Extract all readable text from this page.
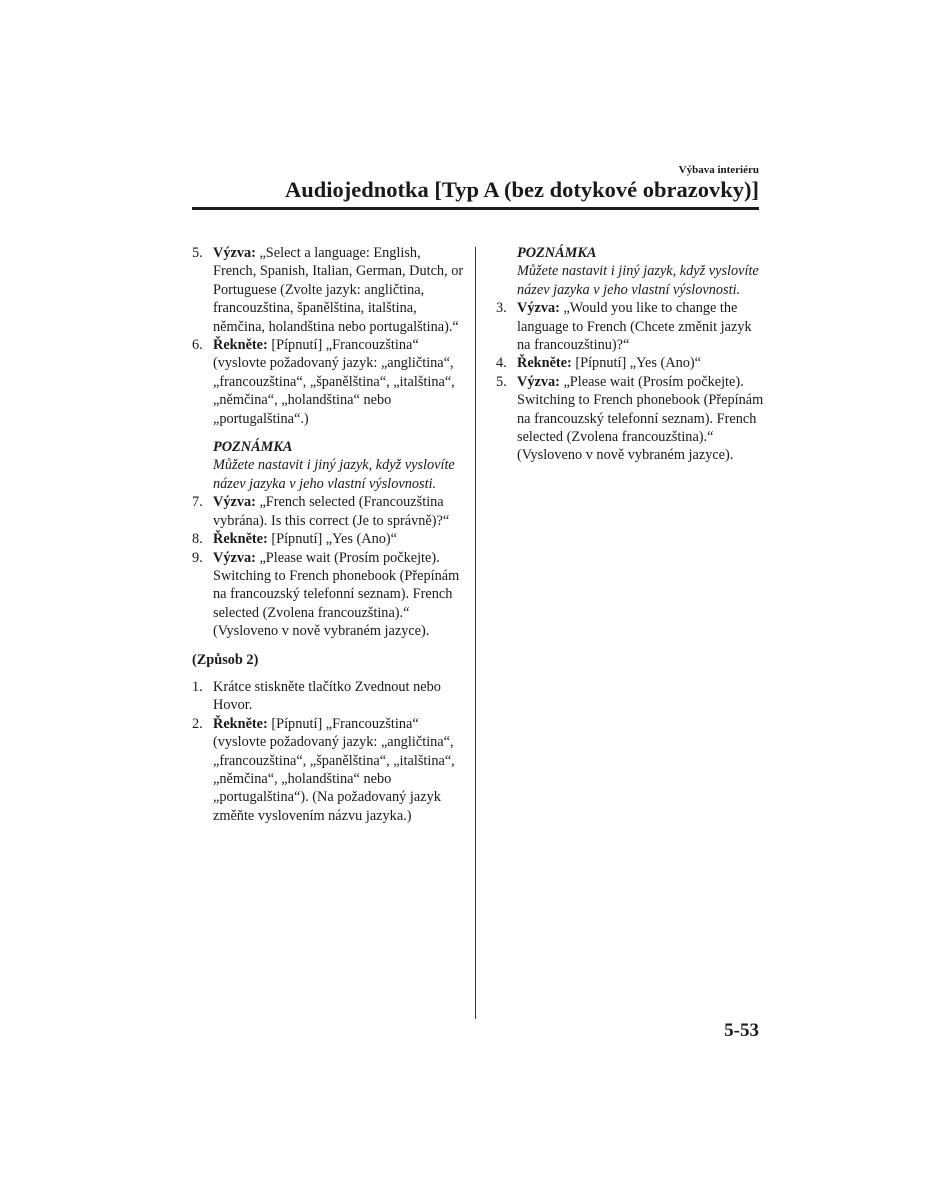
Výbava interiéru
Audiojednotka [Typ A (bez dotykové obrazovky)]
5. Výzva: „Select a language: English, French, Spanish, Italian, German, Dutch, or Portuguese (Zvolte jazyk: angličtina, francouzština, španělština, italština, němčina, holandština nebo portugalština).“
6. Řekněte: [Pípnutí] „Francouzština“ (vyslovte požadovaný jazyk: „angličtina“, „francouzština“, „španělština“, „italština“, „němčina“, „holandština“ nebo „portugalština“.)
POZNÁMKA
Můžete nastavit i jiný jazyk, když vyslovíte název jazyka v jeho vlastní výslovnosti.
7. Výzva: „French selected (Francouzština vybrána). Is this correct (Je to správně)?“
8. Řekněte: [Pípnutí] „Yes (Ano)“
9. Výzva: „Please wait (Prosím počkejte). Switching to French phonebook (Přepínám na francouzský telefonní seznam). French selected (Zvolena francouzština).“ (Vysloveno v nově vybraném jazyce).
(Způsob 2)
1. Krátce stiskněte tlačítko Zvednout nebo Hovor.
2. Řekněte: [Pípnutí] „Francouzština“ (vyslovte požadovaný jazyk: „angličtina“, „francouzština“, „španělština“, „italština“, „němčina“, „holandština“ nebo „portugalština“). (Na požadovaný jazyk změňte vyslovením názvu jazyka.)
POZNÁMKA
Můžete nastavit i jiný jazyk, když vyslovíte název jazyka v jeho vlastní výslovnosti.
3. Výzva: „Would you like to change the language to French (Chcete změnit jazyk na francouzštinu)?“
4. Řekněte: [Pípnutí] „Yes (Ano)“
5. Výzva: „Please wait (Prosím počkejte). Switching to French phonebook (Přepínám na francouzský telefonní seznam). French selected (Zvolena francouzština).“ (Vysloveno v nově vybraném jazyce).
5-53
